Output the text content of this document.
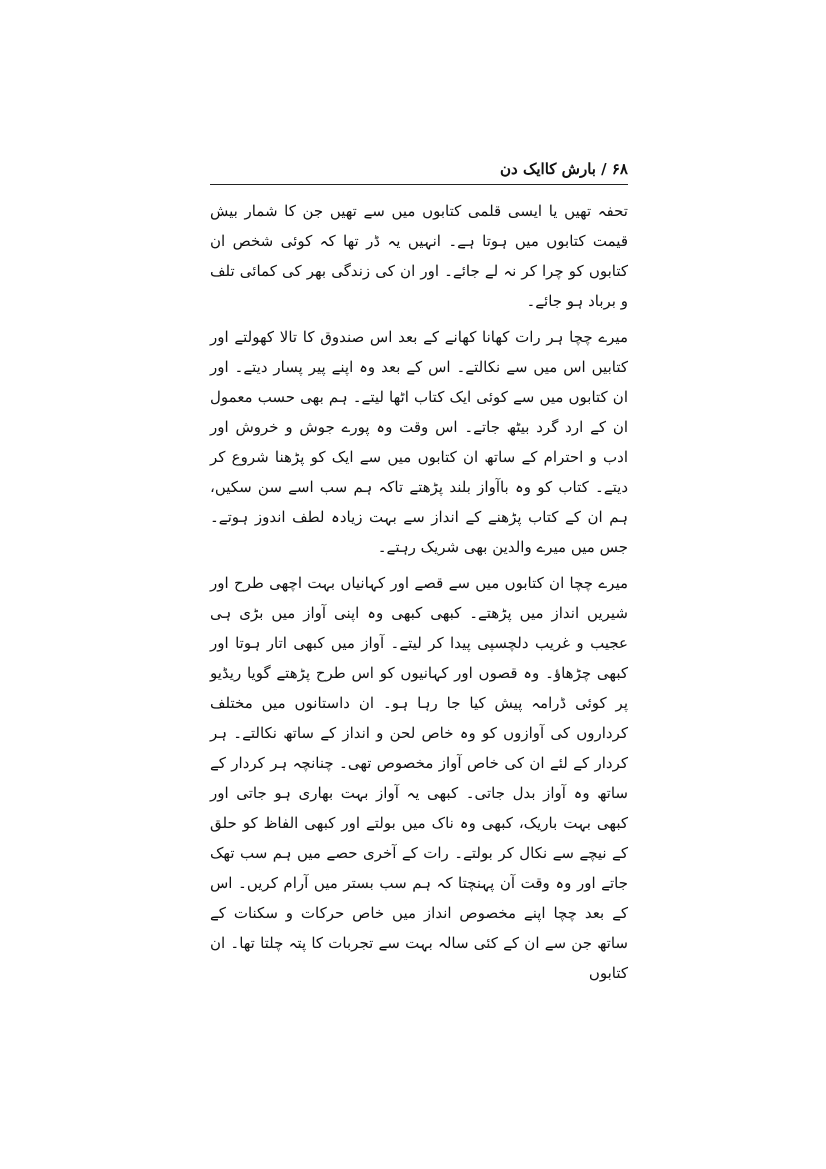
۶۸ / بارش کاایک دن

تحفہ تھیں یا ایسی قلمی کتابوں میں سے تھیں جن کا شمار بیش قیمت کتابوں میں ہوتا ہے۔ انہیں یہ ڈر تھا کہ کوئی شخص ان کتابوں کو چرا کر نہ لے جائے۔ اور ان کی زندگی بھر کی کمائی تلف و برباد ہو جائے۔

میرے چچا ہر رات کھانا کھانے کے بعد اس صندوق کا تالا کھولتے اور کتابیں اس میں سے نکالتے۔ اس کے بعد وہ اپنے پیر پسار دیتے۔ اور ان کتابوں میں سے کوئی ایک کتاب اٹھا لیتے۔ ہم بھی حسب معمول ان کے ارد گرد بیٹھ جاتے۔ اس وقت وہ پورے جوش و خروش اور ادب و احترام کے ساتھ ان کتابوں میں سے ایک کو پڑھنا شروع کر دیتے۔ کتاب کو وہ باآواز بلند پڑھتے تاکہ ہم سب اسے سن سکیں، ہم ان کے کتاب پڑھنے کے انداز سے بہت زیادہ لطف اندوز ہوتے۔ جس میں میرے والدین بھی شریک رہتے۔

میرے چچا ان کتابوں میں سے قصے اور کہانیاں بہت اچھی طرح اور شیریں انداز میں پڑھتے۔ کبھی کبھی وہ اپنی آواز میں بڑی ہی عجیب و غریب دلچسپی پیدا کر لیتے۔ آواز میں کبھی اتار ہوتا اور کبھی چڑھاؤ۔ وہ قصوں اور کہانیوں کو اس طرح پڑھتے گویا ریڈیو پر کوئی ڈرامہ پیش کیا جا رہا ہو۔ ان داستانوں میں مختلف کرداروں کی آوازوں کو وہ خاص لحن و انداز کے ساتھ نکالتے۔ ہر کردار کے لئے ان کی خاص آواز مخصوص تھی۔ چنانچہ ہر کردار کے ساتھ وہ آواز بدل جاتی۔ کبھی یہ آواز بہت بھاری ہو جاتی اور کبھی بہت باریک، کبھی وہ ناک میں بولتے اور کبھی الفاظ کو حلق کے نیچے سے نکال کر بولتے۔ رات کے آخری حصے میں ہم سب تھک جاتے اور وہ وقت آن پہنچتا کہ ہم سب بستر میں آرام کریں۔ اس کے بعد چچا اپنے مخصوص انداز میں خاص حرکات و سکنات کے ساتھ جن سے ان کے کئی سالہ بہت سے تجربات کا پتہ چلتا تھا۔ ان کتابوں
